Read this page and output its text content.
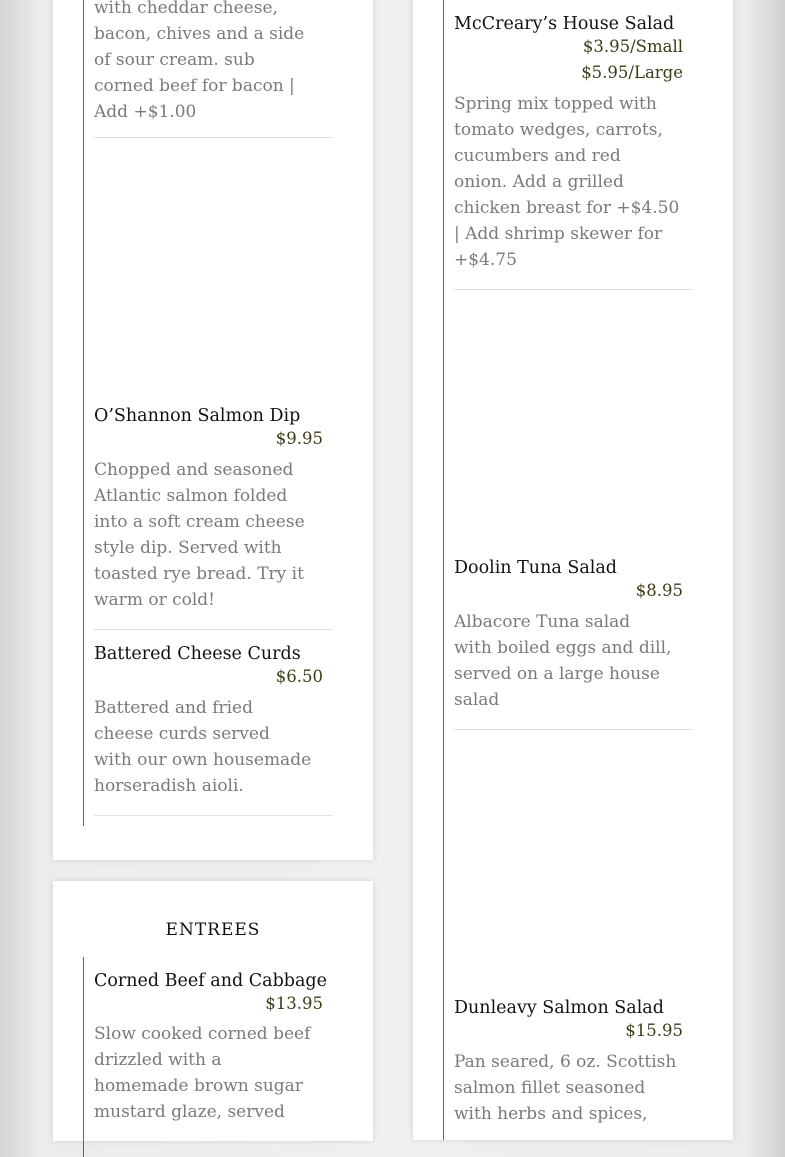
with cheddar cheese,
bacon, chives and a side
of sour cream. sub
corned beef for bacon |
Add +$1.00
O’Shannon Salmon Dip
$9.95
Chopped and seasoned
Atlantic salmon folded
into a soft cream cheese
style dip. Served with
toasted rye bread. Try it
warm or cold!
Battered Cheese Curds
$6.50
Battered and fried
cheese curds served
with our own housemade
horseradish aioli.
ENTREES
Corned Beef and Cabbage
$13.95
Slow cooked corned beef
drizzled with a
homemade brown sugar
mustard glaze, served
McCreary’s House Salad
$3.95/Small
$5.95/Large
Spring mix topped with
tomato wedges, carrots,
cucumbers and red
onion. Add a grilled
chicken breast for +$4.50
| Add shrimp skewer for
+$4.75
Doolin Tuna Salad
$8.95
Albacore Tuna salad
with boiled eggs and dill,
served on a large house
salad
Dunleavy Salmon Salad
$15.95
Pan seared, 6 oz. Scottish
salmon fillet seasoned
with herbs and spices,
